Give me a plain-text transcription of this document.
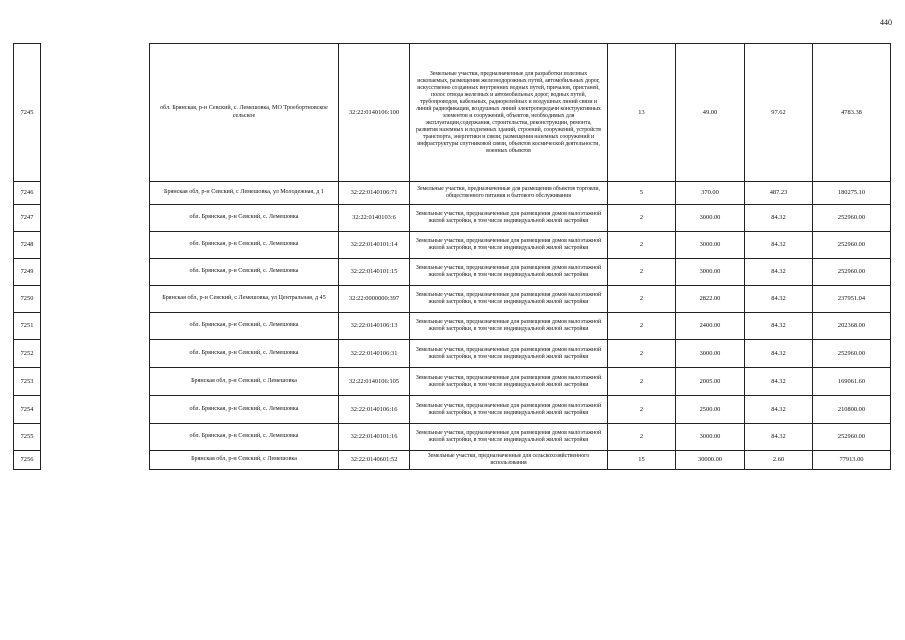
440
7245		обл. Брянская, р-н Севский, с. Лемешовка, МО Троебортновское сельское	32:22:0140106:100	Земельные участки, предназначенные для разработки полезных ископаемых, размещения железнодорожных путей, автомобильных дорог, искусственно созданных внутренних водных путей, причалов, пристаней, полос отвода железных и автомобильных дорог, водных путей, трубопроводов, кабельных, радиорелейных и воздушных линий связи и линий радиофикации, воздушных линий электропередачи конструктивных элементов и сооружений, объектов, необходимых для эксплуатации,содержания, строительства, реконструкции, ремонта, развития наземных и подземных зданий, строений, сооружений, устройств транспорта, энергетики и связи; размещения наземных сооружений и инфраструктуры спутниковой связи, объектов космической деятельности, военных объектов	13	49.00	97.62	4783.38
7246		Брянская обл, р-н Севский, с Лемешовка, ул Молодежная, д 1	32:22:0140106:71	Земельные участки, предназначенные для размещения объектов торговли, общественного питания и бытового обслуживания	5	370.00	487.23	180275.10
7247		обл. Брянская, р-н Севский, с. Лемешовка	32:22:0140103:6	Земельные участки, предназначенные для размещения домов малоэтажной жилой застройки, в том числе индивидуальной жилой застройки	2	3000.00	84.32	252960.00
7248		обл. Брянская, р-н Севский, с. Лемешовка	32:22:0140101:14	Земельные участки, предназначенные для размещения домов малоэтажной жилой застройки, в том числе индивидуальной жилой застройки	2	3000.00	84.32	252960.00
7249		обл. Брянская, р-н Севский, с. Лемешовка	32:22:0140101:15	Земельные участки, предназначенные для размещения домов малоэтажной жилой застройки, в том числе индивидуальной жилой застройки	2	3000.00	84.32	252960.00
7250		Брянская обл, р-н Севский, с Лемешовка, ул Центральная, д 45	32:22:0000000:397	Земельные участки, предназначенные для размещения домов малоэтажной жилой застройки, в том числе индивидуальной жилой застройки	2	2822.00	84.32	237951.04
7251		обл. Брянская, р-н Севский, с. Лемешовка	32:22:0140106:13	Земельные участки, предназначенные для размещения домов малоэтажной жилой застройки, в том числе индивидуальной жилой застройки	2	2400.00	84.32	202368.00
7252		обл. Брянская, р-н Севский, с. Лемешовка	32:22:0140106:31	Земельные участки, предназначенные для размещения домов малоэтажной жилой застройки, в том числе индивидуальной жилой застройки	2	3000.00	84.32	252960.00
7253		Брянская обл, р-н Севский, с Лемешовка	32:22:0140106:105	Земельные участки, предназначенные для размещения домов малоэтажной жилой застройки, в том числе индивидуальной жилой застройки	2	2005.00	84.32	169061.60
7254		обл. Брянская, р-н Севский, с. Лемешовка	32:22:0140106:16	Земельные участки, предназначенные для размещения домов малоэтажной жилой застройки, в том числе индивидуальной жилой застройки	2	2500.00	84.32	210800.00
7255		обл. Брянская, р-н Севский, с. Лемешовка	32:22:0140101:16	Земельные участки, предназначенные для размещения домов малоэтажной жилой застройки, в том числе индивидуальной жилой застройки	2	3000.00	84.32	252960.00
7256		Брянская обл, р-н Севский, с Лемешовка	32:22:0140601:52	Земельные участки, предназначенные для сельскохозяйственного использования	15	30000.00	2.60	77913.00
